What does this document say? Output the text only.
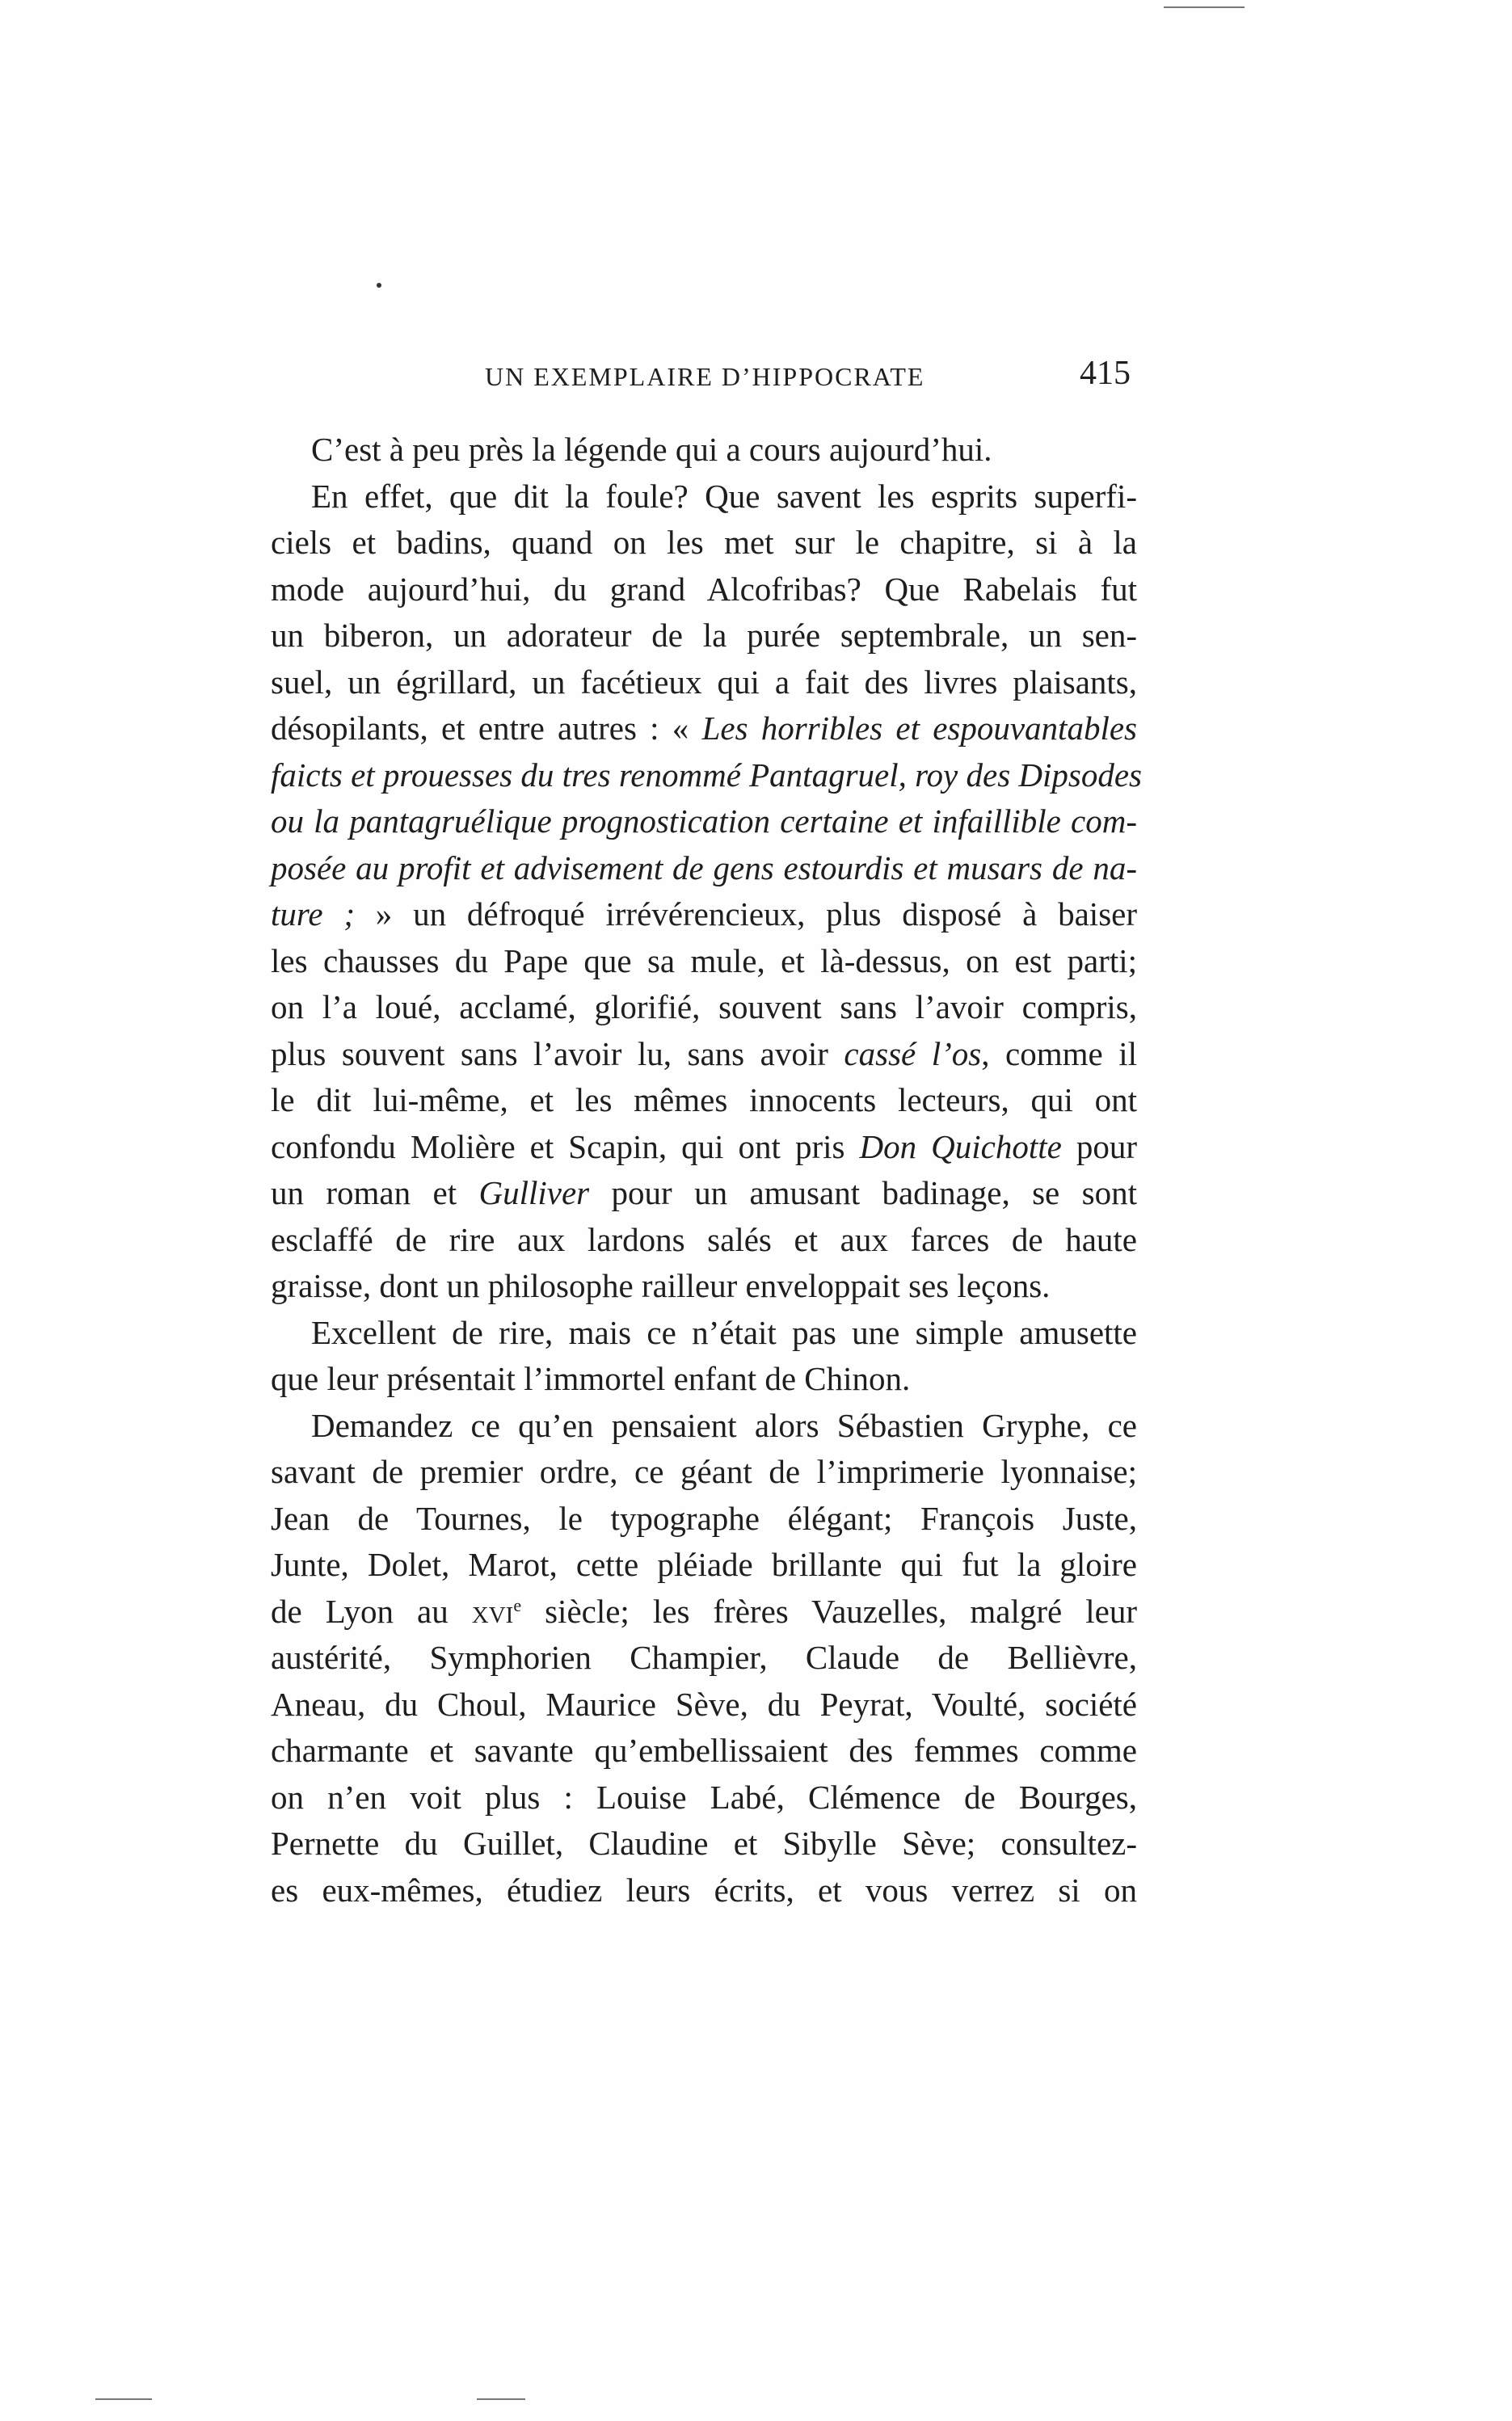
UN EXEMPLAIRE D’HIPPOCRATE	415
C’est à peu près la légende qui a cours aujourd’hui.
En effet, que dit la foule? Que savent les esprits superfi-
ciels et badins, quand on les met sur le chapitre, si à la
mode aujourd’hui, du grand Alcofribas? Que Rabelais fut
un biberon, un adorateur de la purée septembrale, un sen-
suel, un égrillard, un facétieux qui a fait des livres plaisants,
désopilants, et entre autres : « Les horribles et espouvantables
faicts et prouesses du tres renommé Pantagruel, roy des Dipsodes
ou la pantagruélique prognostication certaine et infaillible com-
posée au profit et advisement de gens estourdis et musars de na-
ture ; » un défroqué irrévérencieux, plus disposé à baiser
les chausses du Pape que sa mule, et là-dessus, on est parti;
on l’a loué, acclamé, glorifié, souvent sans l’avoir compris,
plus souvent sans l’avoir lu, sans avoir cassé l’os, comme il
le dit lui-même, et les mêmes innocents lecteurs, qui ont
confondu Molière et Scapin, qui ont pris Don Quichotte pour
un roman et Gulliver pour un amusant badinage, se sont
esclaffé de rire aux lardons salés et aux farces de haute
graisse, dont un philosophe railleur enveloppait ses leçons.
Excellent de rire, mais ce n’était pas une simple amusette
que leur présentait l’immortel enfant de Chinon.
Demandez ce qu’en pensaient alors Sébastien Gryphe, ce
savant de premier ordre, ce géant de l’imprimerie lyonnaise;
Jean de Tournes, le typographe élégant; François Juste,
Junte, Dolet, Marot, cette pléiade brillante qui fut la gloire
de Lyon au xvi$^e$ siècle; les frères Vauzelles, malgré leur
austérité, Symphorien Champier, Claude de Bellièvre,
Aneau, du Choul, Maurice Sève, du Peyrat, Voulté, société
charmante et savante qu’embellissaient des femmes comme
on n’en voit plus : Louise Labé, Clémence de Bourges,
Pernette du Guillet, Claudine et Sibylle Sève; consultez-
es eux-mêmes, étudiez leurs écrits, et vous verrez si on
